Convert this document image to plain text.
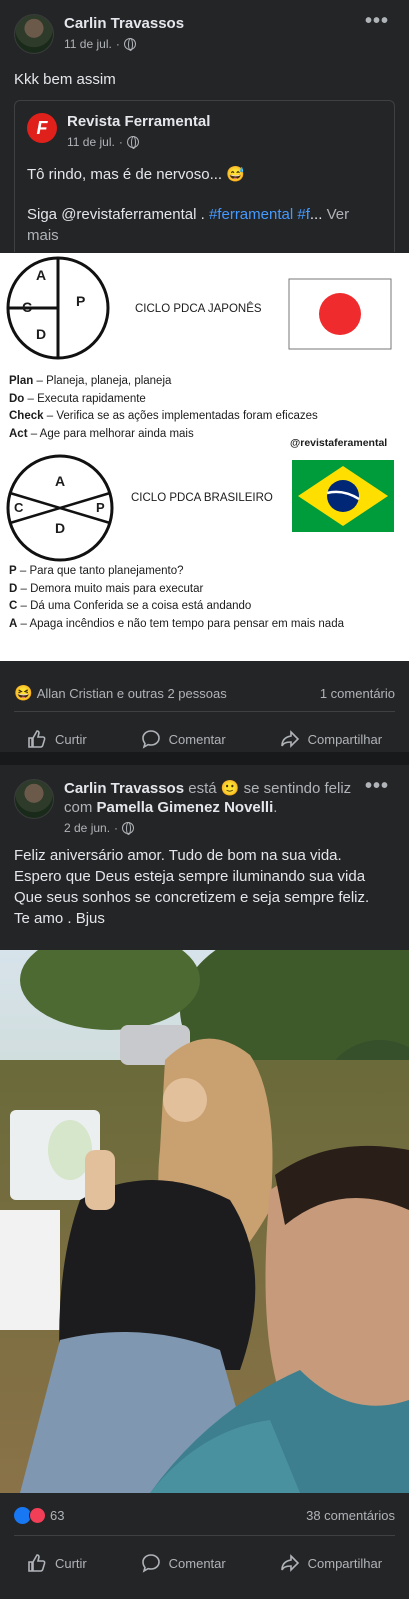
Carlin Travassos
11 de jul. ·
•••
Kkk bem assim
F Revista Ferramental
11 de jul. ·
Tô rindo, mas é de nervoso... 😅
Siga @revistaferramental . #ferramental #f... Ver mais
A
P
C
D
CICLO PDCA JAPONÊS
Plan – Planeja, planeja, planeja
Do – Executa rapidamente
Check – Verifica se as ações implementadas foram eficazes
Act – Age para melhorar ainda mais
@revistaferamental
A
C	P
D
CICLO PDCA BRASILEIRO
P – Para que tanto planejamento?
D – Demora muito mais para executar
C – Dá uma Conferida se a coisa está andando
A – Apaga incêndios e não tem tempo para pensar em mais nada
😆 Allan Cristian e outras 2 pessoas	1 comentário
Curtir	Comentar	Compartilhar
Carlin Travassos está 🙂 se sentindo feliz
com Pamella Gimenez Novelli.
2 de jun. ·
•••
Feliz aniversário amor. Tudo de bom na sua vida.
Espero que Deus esteja sempre iluminando sua vida
Que seus sonhos se concretizem e seja sempre feliz.
Te amo . Bjus
63	38 comentários
Curtir	Comentar	Compartilhar
